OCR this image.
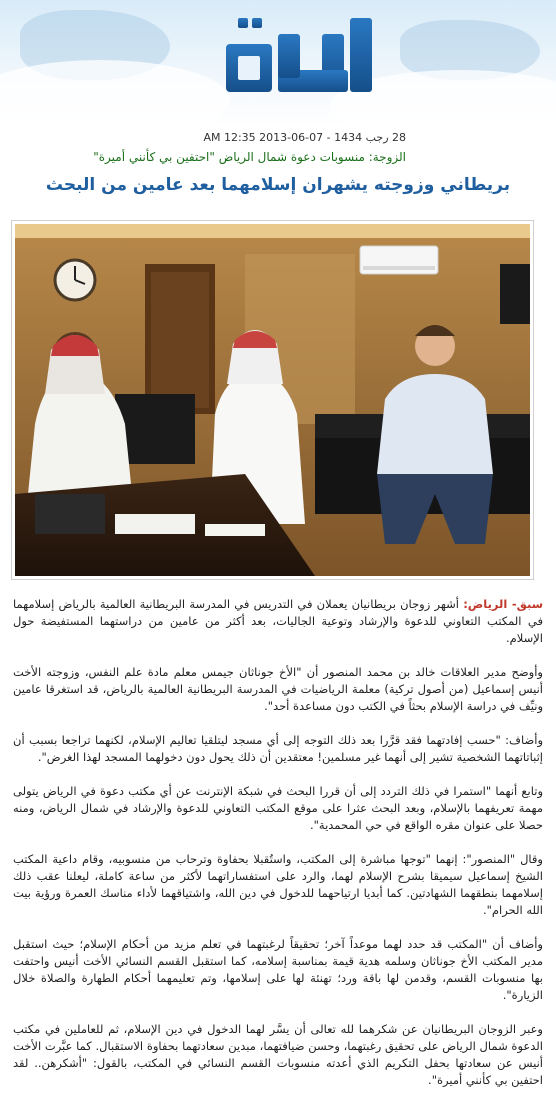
28 رجب 1434 - 07-06-2013 12:35 AM
الزوجة: منسوبات دعوة شمال الرياض "احتفين بي كأنني أميرة"
بريطاني وزوجته يشهران إسلامهما بعد عامين من البحث

سبق- الرياض: أشهر زوجان بريطانيان يعملان في التدريس في المدرسة البريطانية العالمية بالرياض إسلامهما في المكتب التعاوني للدعوة والإرشاد وتوعية الجاليات، بعد أكثر من عامين من دراستهما المستفيضة حول الإسلام.

وأوضح مدير العلاقات خالد بن محمد المنصور أن "الأخ جوناثان جيمس معلم مادة علم النفس، وزوجته الأخت أنيس إسماعيل (من أصول تركية) معلمة الرياضيات في المدرسة البريطانية العالمية بالرياض، قد استغرقا عامين ونيِّف في دراسة الإسلام بحثاً في الكتب دون مساعدة أحد".

وأضاف: "حسب إفادتهما فقد قرَّرا بعد ذلك التوجه إلى أي مسجد ليتلقيا تعاليم الإسلام، لكنهما تراجعا بسبب أن إثباتاتهما الشخصية تشير إلى أنهما غير مسلمين! معتقدين أن ذلك يحول دون دخولهما المسجد لهذا الغرض".

وتابع أنهما "استمرا في ذلك التردد إلى أن قررا البحث في شبكة الإنترنت عن أي مكتب دعوة في الرياض يتولى مهمة تعريفهما بالإسلام، وبعد البحث عثرا على موقع المكتب التعاوني للدعوة والإرشاد في شمال الرياض، ومنه حصلا على عنوان مقره الواقع في حي المحمدية".

وقال "المنصور": إنهما "توجها مباشرة إلى المكتب، واستُقبلا بحفاوة وترحاب من منسوبيه، وقام داعية المكتب الشيخ إسماعيل سيميقا بشرح الإسلام لهما، والرد على استفساراتهما لأكثر من ساعة كاملة، ليعلنا عقب ذلك إسلامهما بنطقهما الشهادتين. كما أبديا ارتياحهما للدخول في دين الله، واشتياقهما لأداء مناسك العمرة ورؤية بيت الله الحرام".

وأضاف أن "المكتب قد حدد لهما موعداً آخر؛ تحقيقاً لرغبتهما في تعلم مزيد من أحكام الإسلام؛ حيث استقبل مدير المكتب الأخ جوناثان وسلمه هدية قيمة بمناسبة إسلامه، كما استقبل القسم النسائي الأخت أنيس واحتفت بها منسوبات القسم، وقدمن لها باقة ورد؛ تهنئة لها على إسلامها، وتم تعليمهما أحكام الطهارة والصلاة خلال الزيارة".

وعبر الزوجان البريطانيان عن شكرهما لله تعالى أن يسَّر لهما الدخول في دين الإسلام، ثم للعاملين في مكتب الدعوة شمال الرياض على تحقيق رغبتهما، وحسن ضيافتهما، مبدين سعادتهما بحفاوة الاستقبال. كما عبَّرت الأخت أنيس عن سعادتها بحفل التكريم الذي أعدته منسوبات القسم النسائي في المكتب، بالقول: "أشكرهن.. لقد احتفين بي كأنني أميرة".
